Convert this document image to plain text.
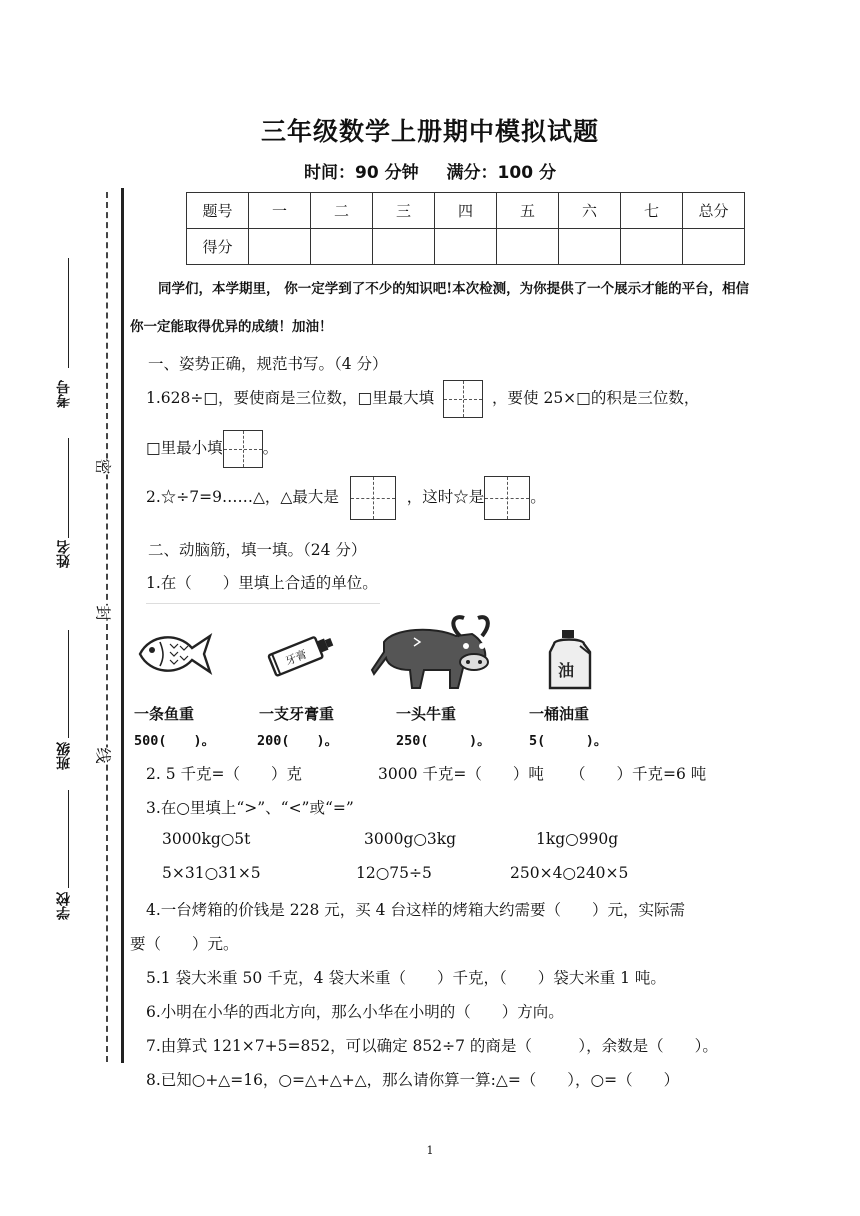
考号
姓名
班级
学校
密
封
线
三年级数学上册期中模拟试题
时间：90 分钟 满分：100 分
题号	一	二	三	四	五	六	七	总分
得分								
同学们，本学期里， 你一定学到了不少的知识吧!本次检测，为你提供了一个展示才能的平台，相信你一定能取得优异的成绩！加油！
一、姿势正确，规范书写。（4 分）
1.628÷□，要使商是三位数，□里最大填	，要使 25×□的积是三位数，
□里最小填	。
2.☆÷7=9……△，△最大是	，这时☆是	。
二、动脑筋，填一填。（24 分）
1.在（　　）里填上合适的单位。
牙膏
油
一条鱼重	一支牙膏重	一头牛重	一桶油重
500(　　)。	200(　　)。	250(　　　)。	5(　　　)。
2. 5 千克=（　　）克	3000 千克=（　　）吨 （　　）千克=6 吨
3.在○里填上“>”、“<”或“=”
3000kg○5t	3000g○3kg	1kg○990g
5×31○31×5	12○75÷5	250×4○240×5
4.一台烤箱的价钱是 228 元，买 4 台这样的烤箱大约需要（　　）元，实际需
要（　　）元。
5.1 袋大米重 50 千克，4 袋大米重（　　）千克，（　　）袋大米重 1 吨。
6.小明在小华的西北方向，那么小华在小明的（　　）方向。
7.由算式 121×7+5=852，可以确定 852÷7 的商是（　　　），余数是（　　）。
8.已知○+△=16，○=△+△+△，那么请你算一算:△=（　　），○=（　　）
1
